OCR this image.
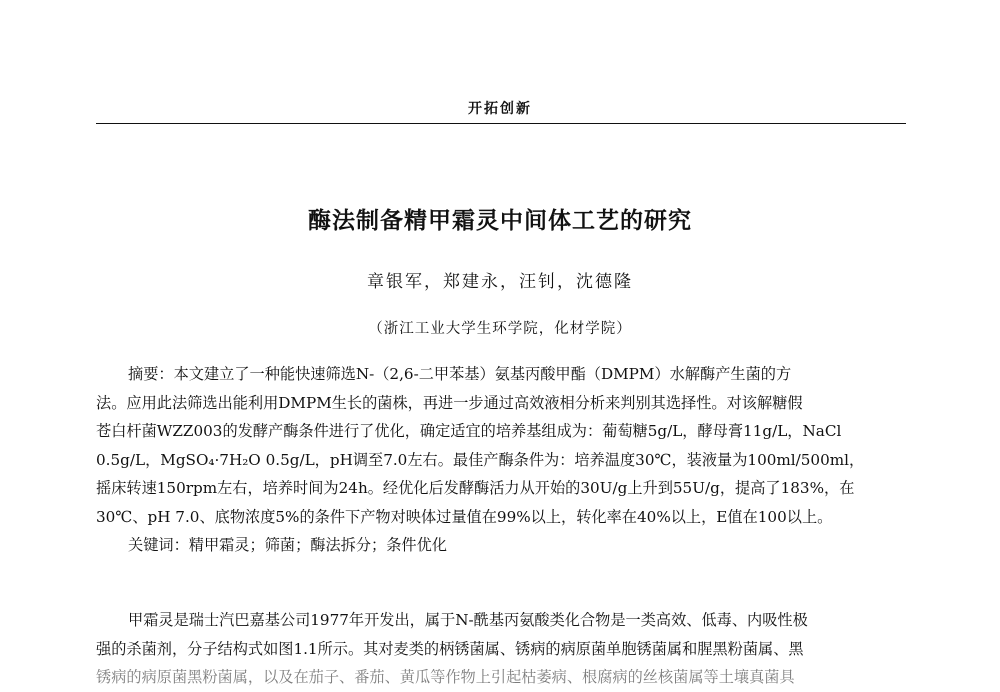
开拓创新
酶法制备精甲霜灵中间体工艺的研究
章银军，郑建永，汪钊，沈德隆
（浙江工业大学生环学院，化材学院）
摘要：本文建立了一种能快速筛选N-（2,6-二甲苯基）氨基丙酸甲酯（DMPM）水解酶产生菌的方
法。应用此法筛选出能利用DMPM生长的菌株，再进一步通过高效液相分析来判别其选择性。对该解糖假
苍白杆菌WZZ003的发酵产酶条件进行了优化，确定适宜的培养基组成为：葡萄糖5g/L，酵母膏11g/L，NaCl
0.5g/L，MgSO₄·7H₂O 0.5g/L，pH调至7.0左右。最佳产酶条件为：培养温度30℃，装液量为100ml/500ml，
摇床转速150rpm左右，培养时间为24h。经优化后发酵酶活力从开始的30U/g上升到55U/g，提高了183%，在
30℃、pH 7.0、底物浓度5%的条件下产物对映体过量值在99%以上，转化率在40%以上，E值在100以上。
关键词：精甲霜灵；筛菌；酶法拆分；条件优化
甲霜灵是瑞士汽巴嘉基公司1977年开发出，属于N-酰基丙氨酸类化合物是一类高效、低毒、内吸性极
强的杀菌剂，分子结构式如图1.1所示。其对麦类的柄锈菌属、锈病的病原菌单胞锈菌属和腥黑粉菌属、黑
锈病的病原菌黑粉菌属，以及在茄子、番茄、黄瓜等作物上引起枯萎病、根腐病的丝核菌属等土壤真菌具
